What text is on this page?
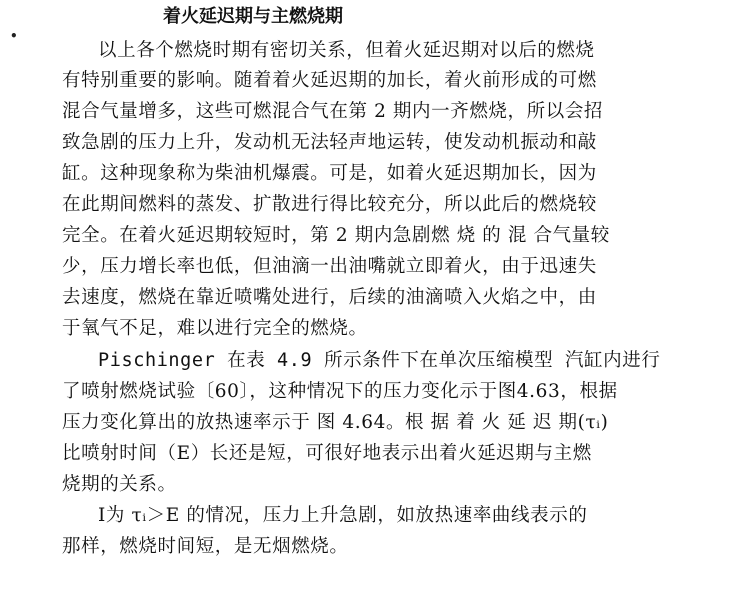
•
着火延迟期与主燃烧期
以上各个燃烧时期有密切关系，但着火延迟期对以后的燃烧
有特别重要的影响。随着着火延迟期的加长，着火前形成的可燃
混合气量增多，这些可燃混合气在第 2 期内一齐燃烧，所以会招
致急剧的压力上升，发动机无法轻声地运转，使发动机振动和敲
缸。这种现象称为柴油机爆震。可是，如着火延迟期加长，因为
在此期间燃料的蒸发、扩散进行得比较充分，所以此后的燃烧较
完全。在着火延迟期较短时，第 2 期内急剧燃 烧 的 混 合气量较
少，压力增长率也低，但油滴一出油嘴就立即着火，由于迅速失
去速度，燃烧在靠近喷嘴处进行，后续的油滴喷入火焰之中，由
于氧气不足，难以进行完全的燃烧。
Pischinger 在表 4.9 所示条件下在单次压缩模型 汽缸内进行
了喷射燃烧试验〔60〕，这种情况下的压力变化示于图4.63，根据
压力变化算出的放热速率示于 图 4.64。根 据 着 火 延 迟 期(τᵢ)
比喷射时间（E）长还是短，可很好地表示出着火延迟期与主燃
烧期的关系。
Ⅰ为 τᵢ＞E 的情况，压力上升急剧，如放热速率曲线表示的
那样，燃烧时间短，是无烟燃烧。
